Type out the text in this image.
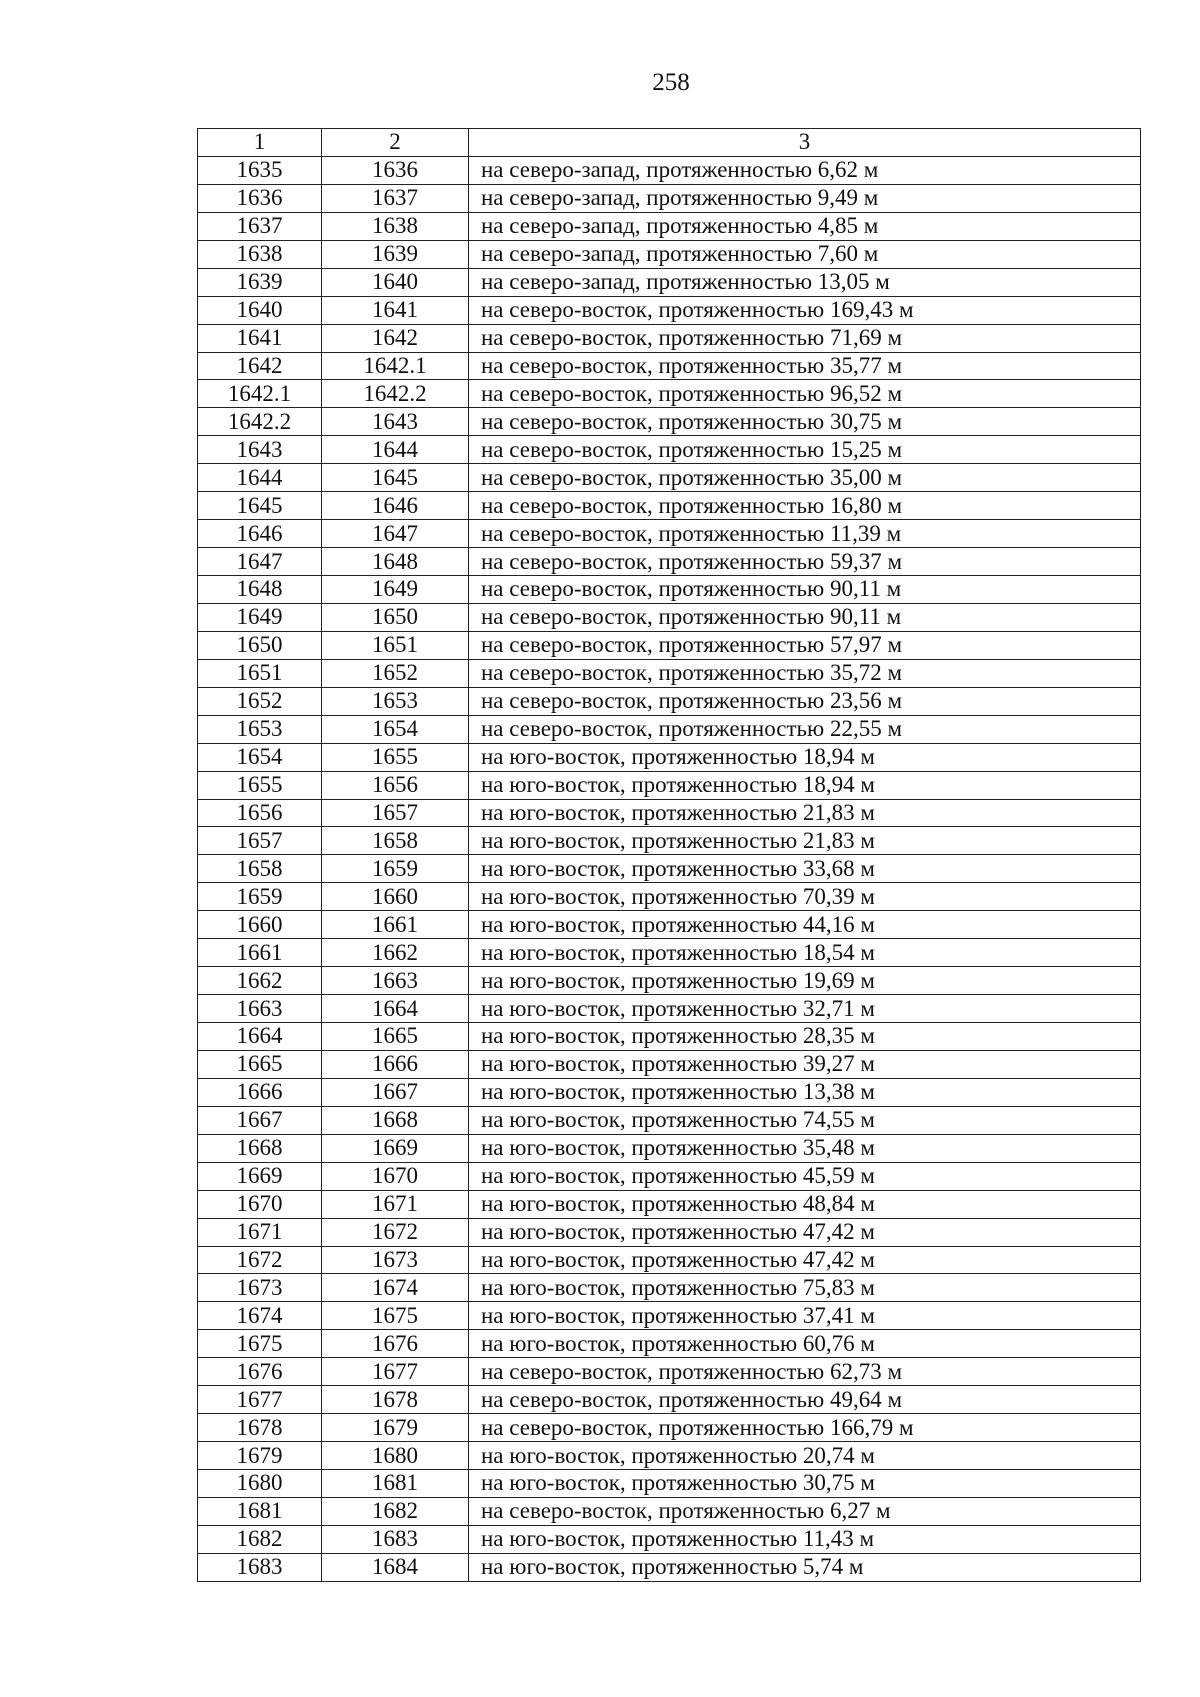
258
1	2	3
1635	1636	на северо-запад, протяженностью 6,62 м
1636	1637	на северо-запад, протяженностью 9,49 м
1637	1638	на северо-запад, протяженностью 4,85 м
1638	1639	на северо-запад, протяженностью 7,60 м
1639	1640	на северо-запад, протяженностью 13,05 м
1640	1641	на северо-восток, протяженностью 169,43 м
1641	1642	на северо-восток, протяженностью 71,69 м
1642	1642.1	на северо-восток, протяженностью 35,77 м
1642.1	1642.2	на северо-восток, протяженностью 96,52 м
1642.2	1643	на северо-восток, протяженностью 30,75 м
1643	1644	на северо-восток, протяженностью 15,25 м
1644	1645	на северо-восток, протяженностью 35,00 м
1645	1646	на северо-восток, протяженностью 16,80 м
1646	1647	на северо-восток, протяженностью 11,39 м
1647	1648	на северо-восток, протяженностью 59,37 м
1648	1649	на северо-восток, протяженностью 90,11 м
1649	1650	на северо-восток, протяженностью 90,11 м
1650	1651	на северо-восток, протяженностью 57,97 м
1651	1652	на северо-восток, протяженностью 35,72 м
1652	1653	на северо-восток, протяженностью 23,56 м
1653	1654	на северо-восток, протяженностью 22,55 м
1654	1655	на юго-восток, протяженностью 18,94 м
1655	1656	на юго-восток, протяженностью 18,94 м
1656	1657	на юго-восток, протяженностью 21,83 м
1657	1658	на юго-восток, протяженностью 21,83 м
1658	1659	на юго-восток, протяженностью 33,68 м
1659	1660	на юго-восток, протяженностью 70,39 м
1660	1661	на юго-восток, протяженностью 44,16 м
1661	1662	на юго-восток, протяженностью 18,54 м
1662	1663	на юго-восток, протяженностью 19,69 м
1663	1664	на юго-восток, протяженностью 32,71 м
1664	1665	на юго-восток, протяженностью 28,35 м
1665	1666	на юго-восток, протяженностью 39,27 м
1666	1667	на юго-восток, протяженностью 13,38 м
1667	1668	на юго-восток, протяженностью 74,55 м
1668	1669	на юго-восток, протяженностью 35,48 м
1669	1670	на юго-восток, протяженностью 45,59 м
1670	1671	на юго-восток, протяженностью 48,84 м
1671	1672	на юго-восток, протяженностью 47,42 м
1672	1673	на юго-восток, протяженностью 47,42 м
1673	1674	на юго-восток, протяженностью 75,83 м
1674	1675	на юго-восток, протяженностью 37,41 м
1675	1676	на юго-восток, протяженностью 60,76 м
1676	1677	на северо-восток, протяженностью 62,73 м
1677	1678	на северо-восток, протяженностью 49,64 м
1678	1679	на северо-восток, протяженностью 166,79 м
1679	1680	на юго-восток, протяженностью 20,74 м
1680	1681	на юго-восток, протяженностью 30,75 м
1681	1682	на северо-восток, протяженностью 6,27 м
1682	1683	на юго-восток, протяженностью 11,43 м
1683	1684	на юго-восток, протяженностью 5,74 м
